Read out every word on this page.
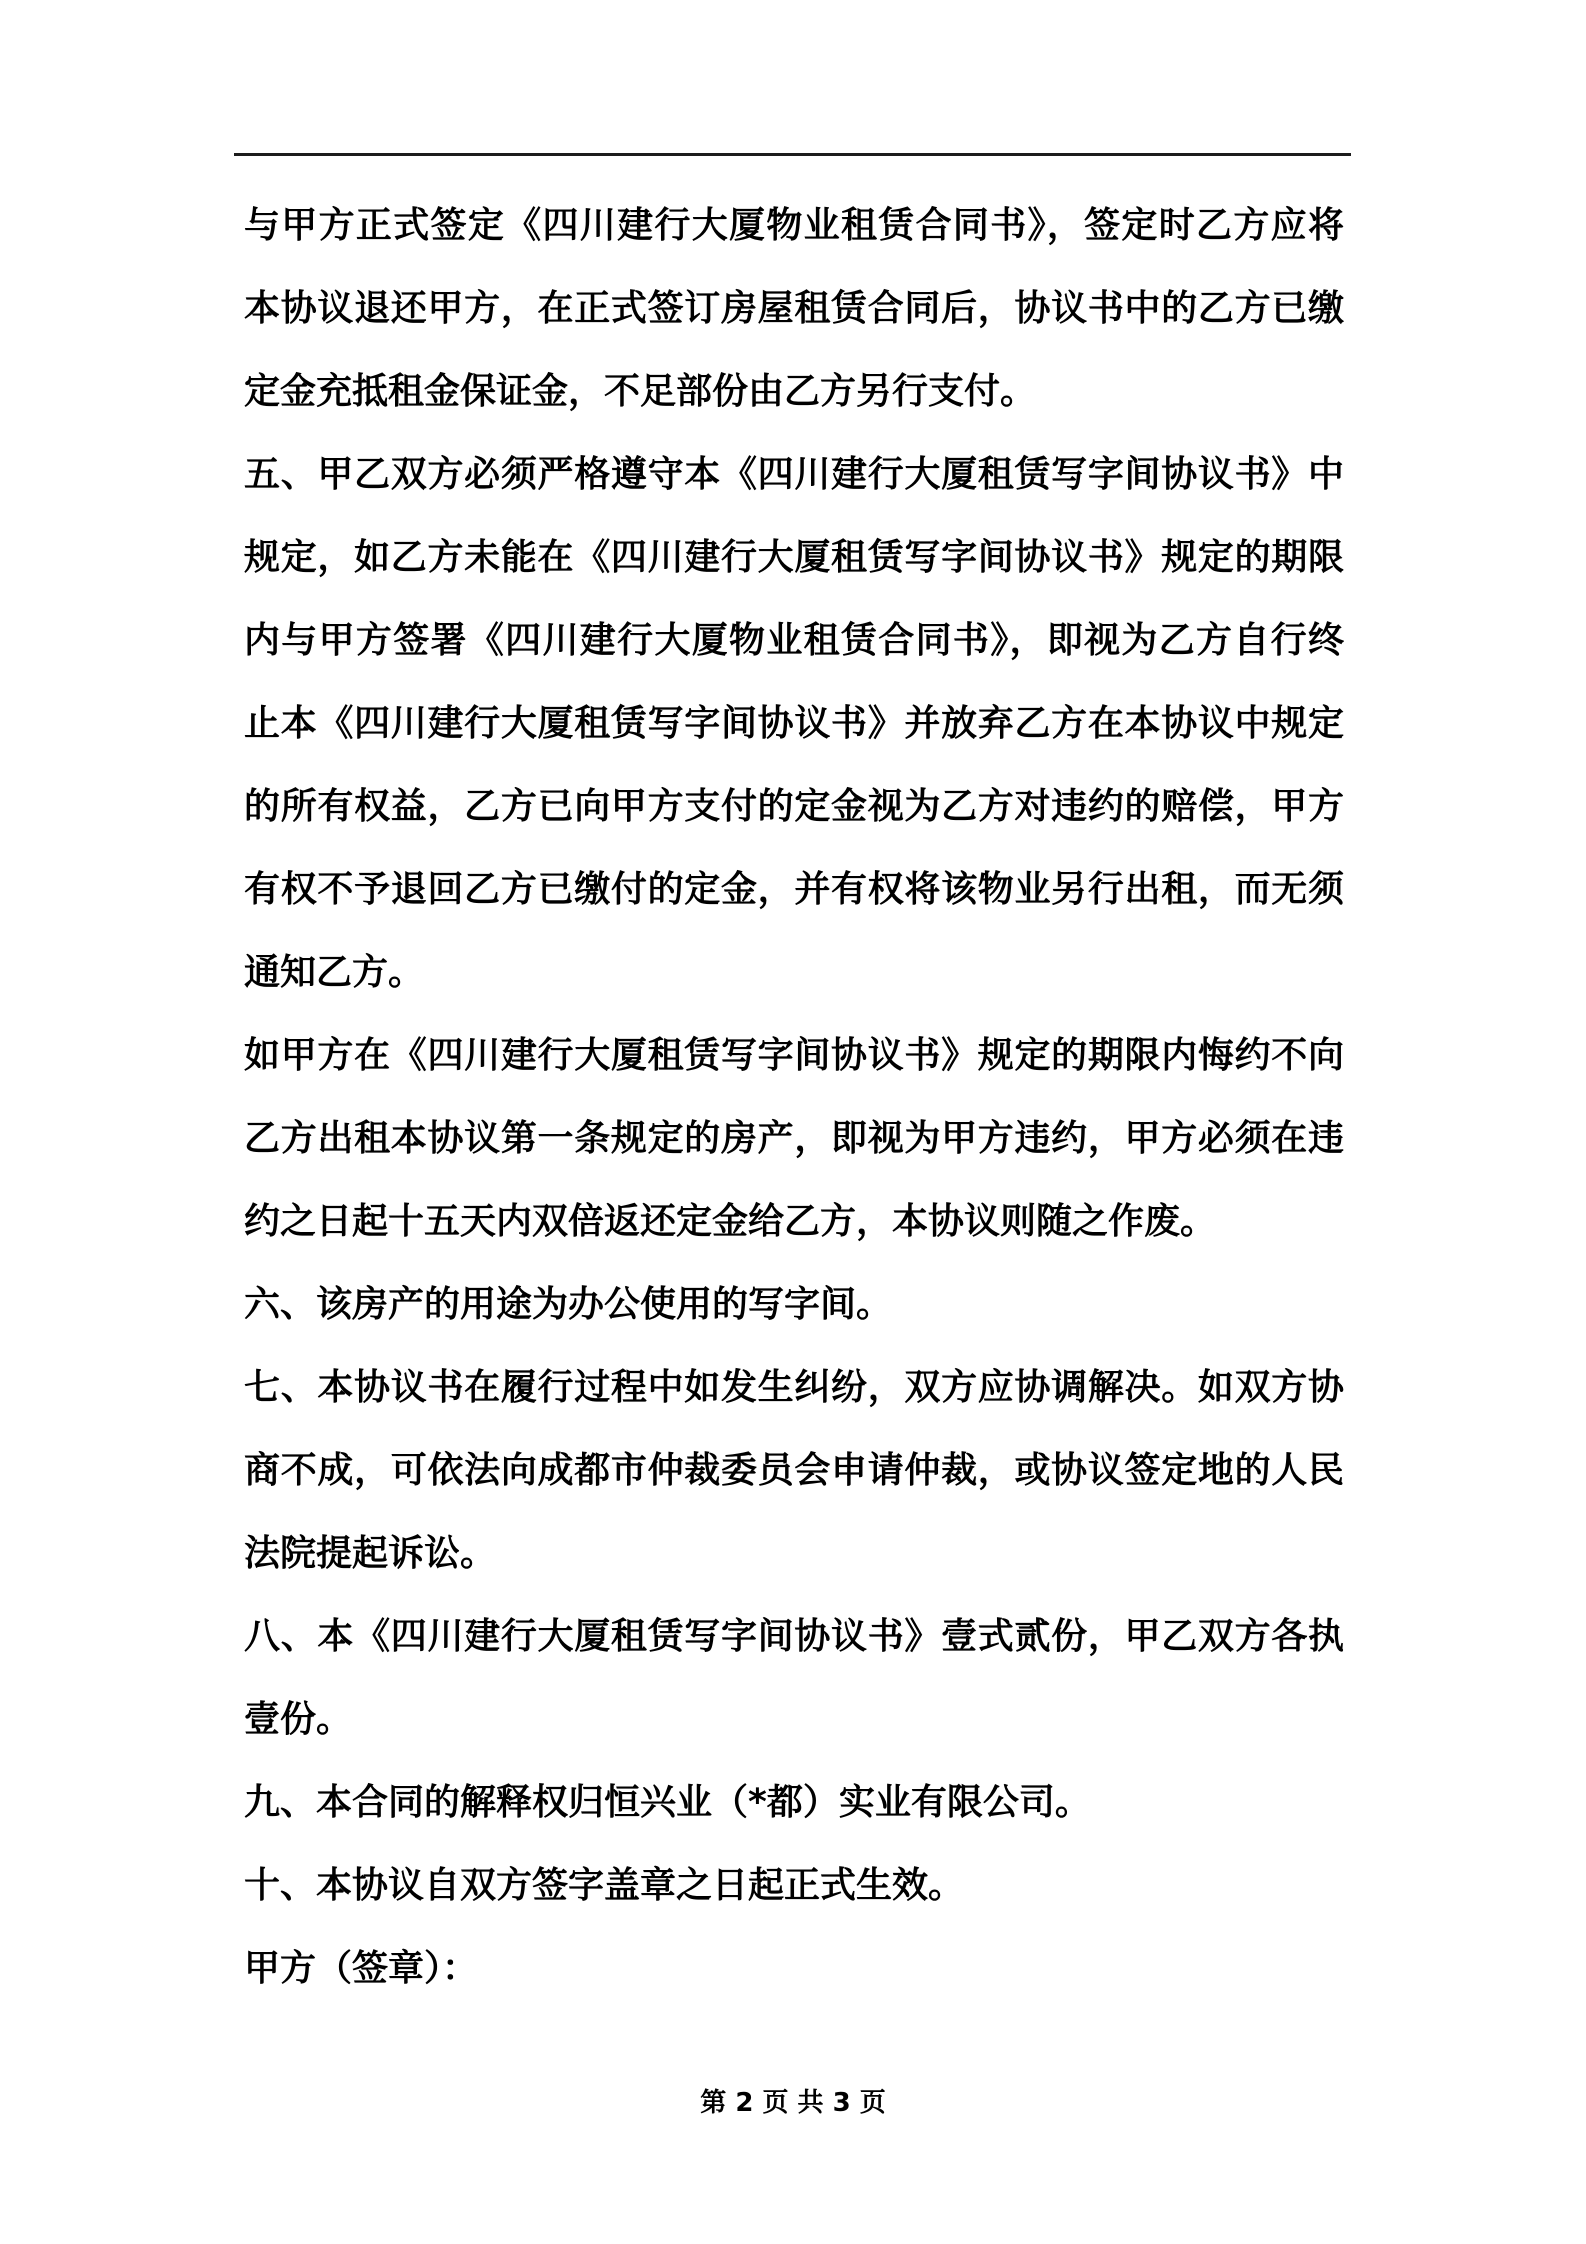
与甲方正式签定《四川建行大厦物业租赁合同书》，签定时乙方应将
本协议退还甲方，在正式签订房屋租赁合同后，协议书中的乙方已缴
定金充抵租金保证金，不足部份由乙方另行支付。

五、甲乙双方必须严格遵守本《四川建行大厦租赁写字间协议书》中
规定，如乙方未能在《四川建行大厦租赁写字间协议书》规定的期限
内与甲方签署《四川建行大厦物业租赁合同书》，即视为乙方自行终
止本《四川建行大厦租赁写字间协议书》并放弃乙方在本协议中规定
的所有权益，乙方已向甲方支付的定金视为乙方对违约的赔偿，甲方
有权不予退回乙方已缴付的定金，并有权将该物业另行出租，而无须
通知乙方。

如甲方在《四川建行大厦租赁写字间协议书》规定的期限内悔约不向
乙方出租本协议第一条规定的房产，即视为甲方违约，甲方必须在违
约之日起十五天内双倍返还定金给乙方，本协议则随之作废。

六、该房产的用途为办公使用的写字间。

七、本协议书在履行过程中如发生纠纷，双方应协调解决。如双方协
商不成，可依法向成都市仲裁委员会申请仲裁，或协议签定地的人民
法院提起诉讼。

八、本《四川建行大厦租赁写字间协议书》壹式贰份，甲乙双方各执
壹份。

九、本合同的解释权归恒兴业（*都）实业有限公司。

十、本协议自双方签字盖章之日起正式生效。

甲方（签章）：

第 2 页 共 3 页
